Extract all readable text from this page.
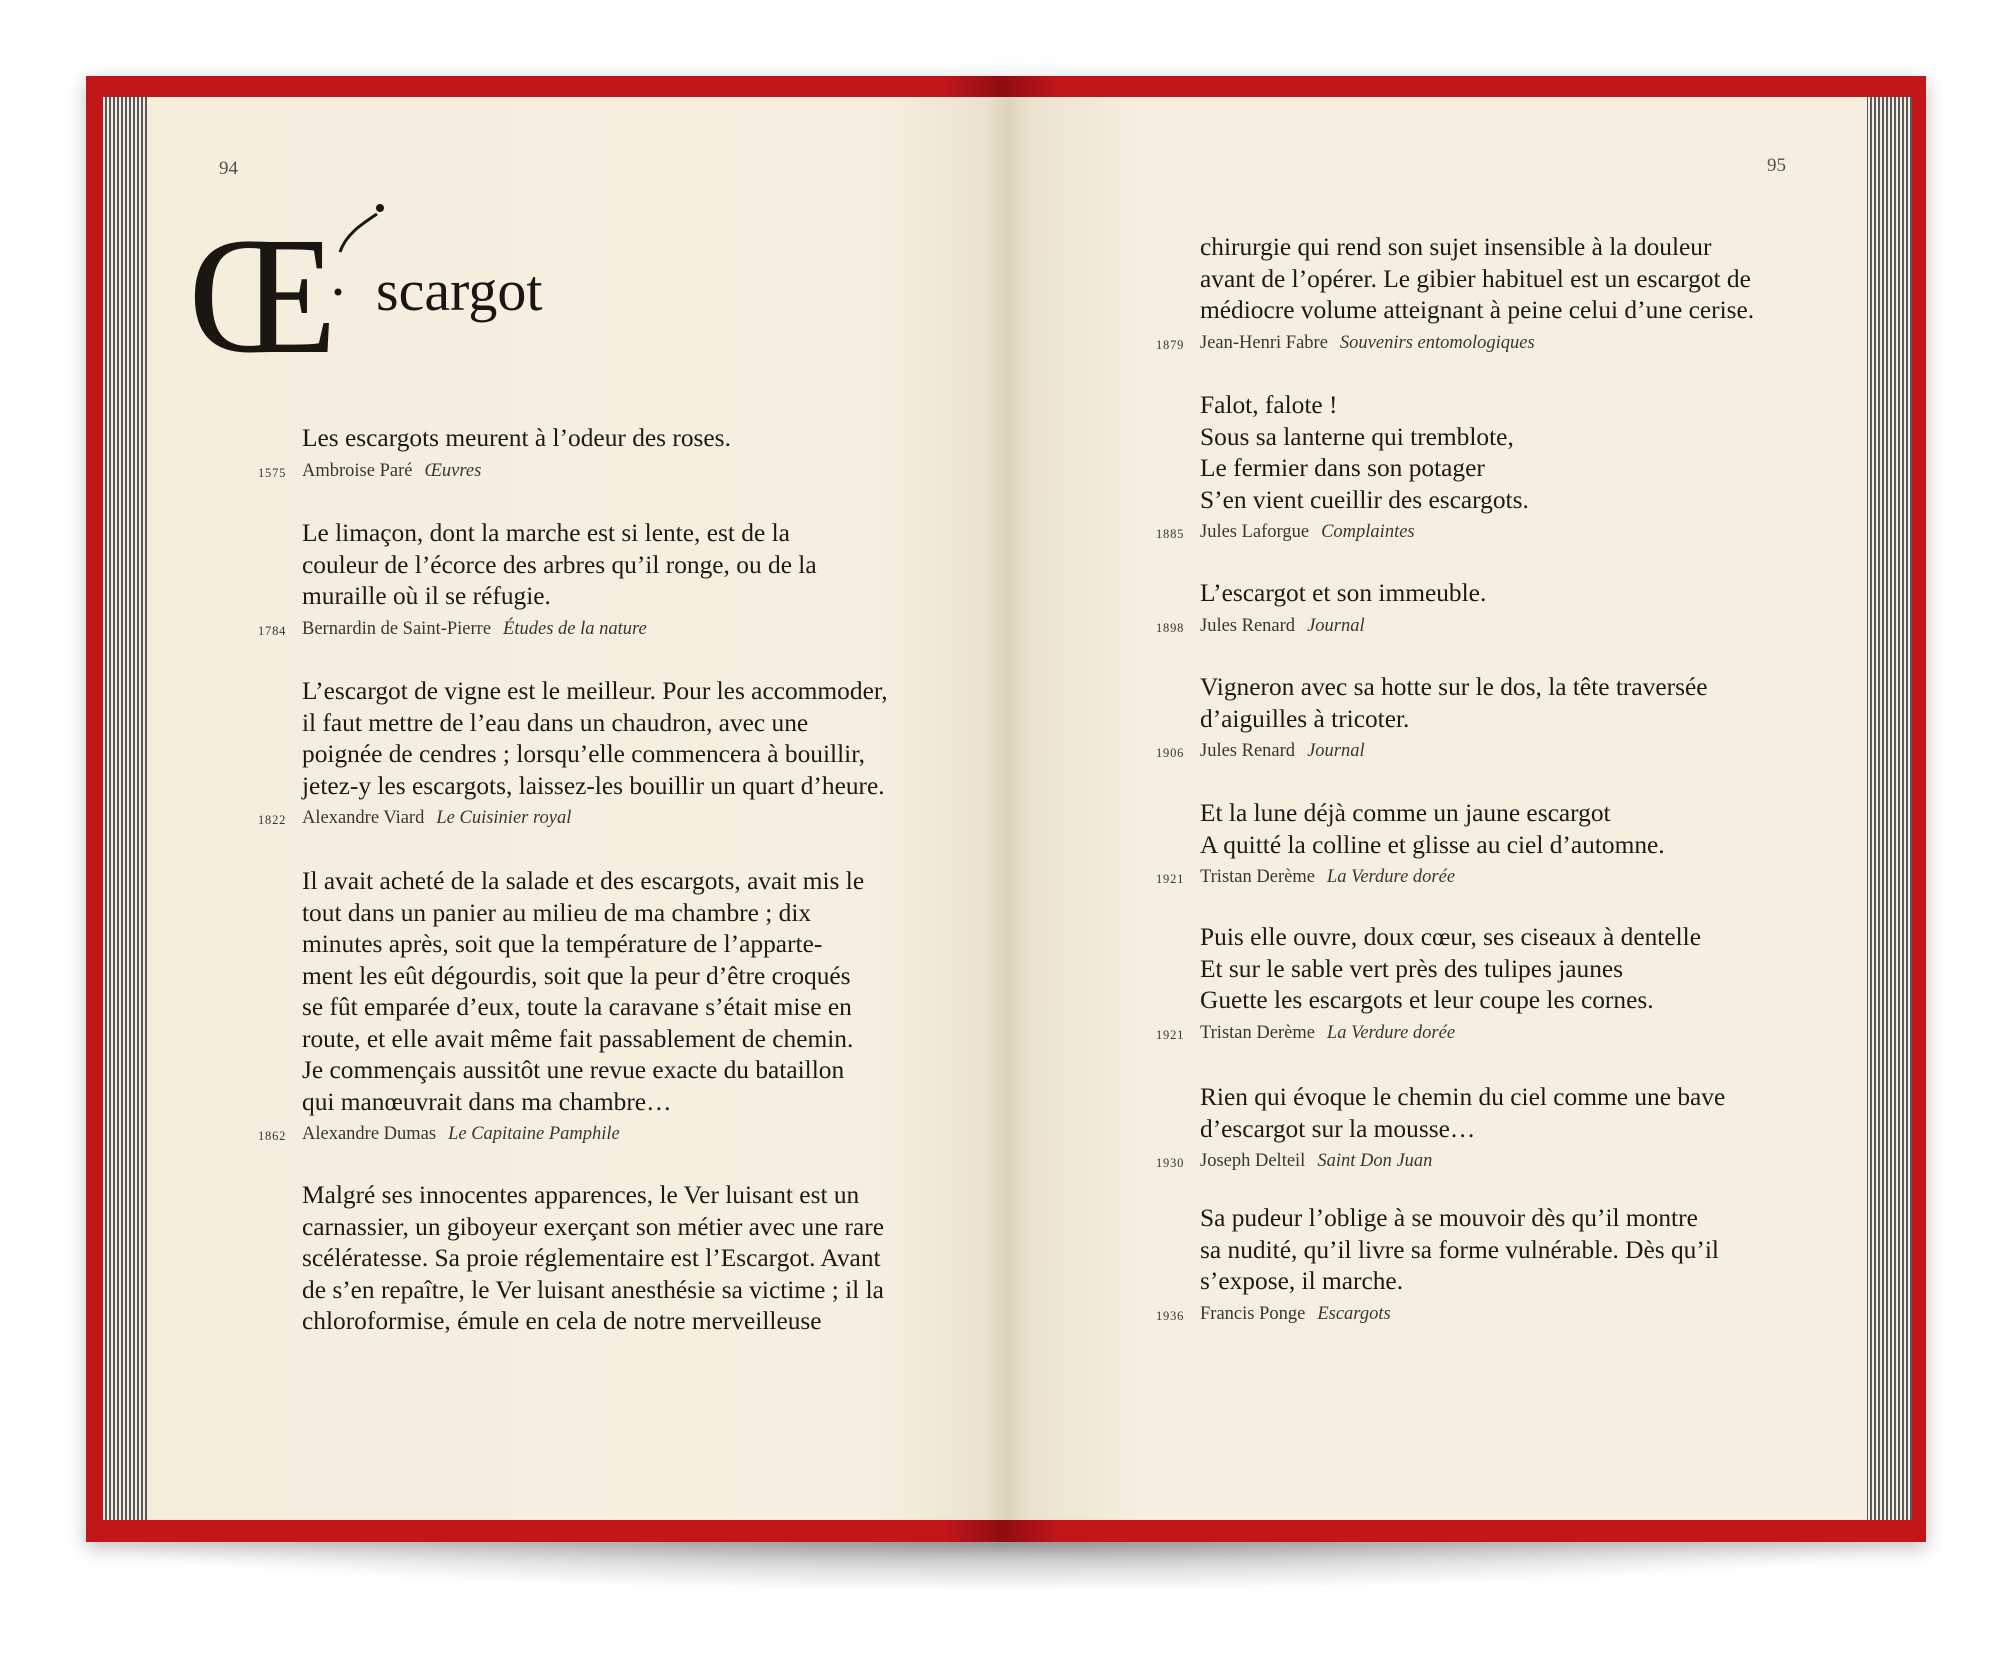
94	95
Œ scargot
Les escargots meurent à l’odeur des roses.
1575 Ambroise Paré Œuvres
Le limaçon, dont la marche est si lente, est de la
couleur de l’écorce des arbres qu’il ronge, ou de la
muraille où il se réfugie.
1784 Bernardin de Saint-Pierre Études de la nature
L’escargot de vigne est le meilleur. Pour les accommoder,
il faut mettre de l’eau dans un chaudron, avec une
poignée de cendres ; lorsqu’elle commencera à bouillir,
jetez-y les escargots, laissez-les bouillir un quart d’heure.
1822 Alexandre Viard Le Cuisinier royal
Il avait acheté de la salade et des escargots, avait mis le
tout dans un panier au milieu de ma chambre ; dix
minutes après, soit que la température de l’apparte-
ment les eût dégourdis, soit que la peur d’être croqués
se fût emparée d’eux, toute la caravane s’était mise en
route, et elle avait même fait passablement de chemin.
Je commençais aussitôt une revue exacte du bataillon
qui manœuvrait dans ma chambre…
1862 Alexandre Dumas Le Capitaine Pamphile
Malgré ses innocentes apparences, le Ver luisant est un
carnassier, un giboyeur exerçant son métier avec une rare
scélératesse. Sa proie réglementaire est l’Escargot. Avant
de s’en repaître, le Ver luisant anesthésie sa victime ; il la
chloroformise, émule en cela de notre merveilleuse
chirurgie qui rend son sujet insensible à la douleur
avant de l’opérer. Le gibier habituel est un escargot de
médiocre volume atteignant à peine celui d’une cerise.
1879 Jean-Henri Fabre Souvenirs entomologiques
Falot, falote !
Sous sa lanterne qui tremblote,
Le fermier dans son potager
S’en vient cueillir des escargots.
1885 Jules Laforgue Complaintes
L’escargot et son immeuble.
1898 Jules Renard Journal
Vigneron avec sa hotte sur le dos, la tête traversée
d’aiguilles à tricoter.
1906 Jules Renard Journal
Et la lune déjà comme un jaune escargot
A quitté la colline et glisse au ciel d’automne.
1921 Tristan Derème La Verdure dorée
Puis elle ouvre, doux cœur, ses ciseaux à dentelle
Et sur le sable vert près des tulipes jaunes
Guette les escargots et leur coupe les cornes.
1921 Tristan Derème La Verdure dorée
Rien qui évoque le chemin du ciel comme une bave
d’escargot sur la mousse…
1930 Joseph Delteil Saint Don Juan
Sa pudeur l’oblige à se mouvoir dès qu’il montre
sa nudité, qu’il livre sa forme vulnérable. Dès qu’il
s’expose, il marche.
1936 Francis Ponge Escargots
